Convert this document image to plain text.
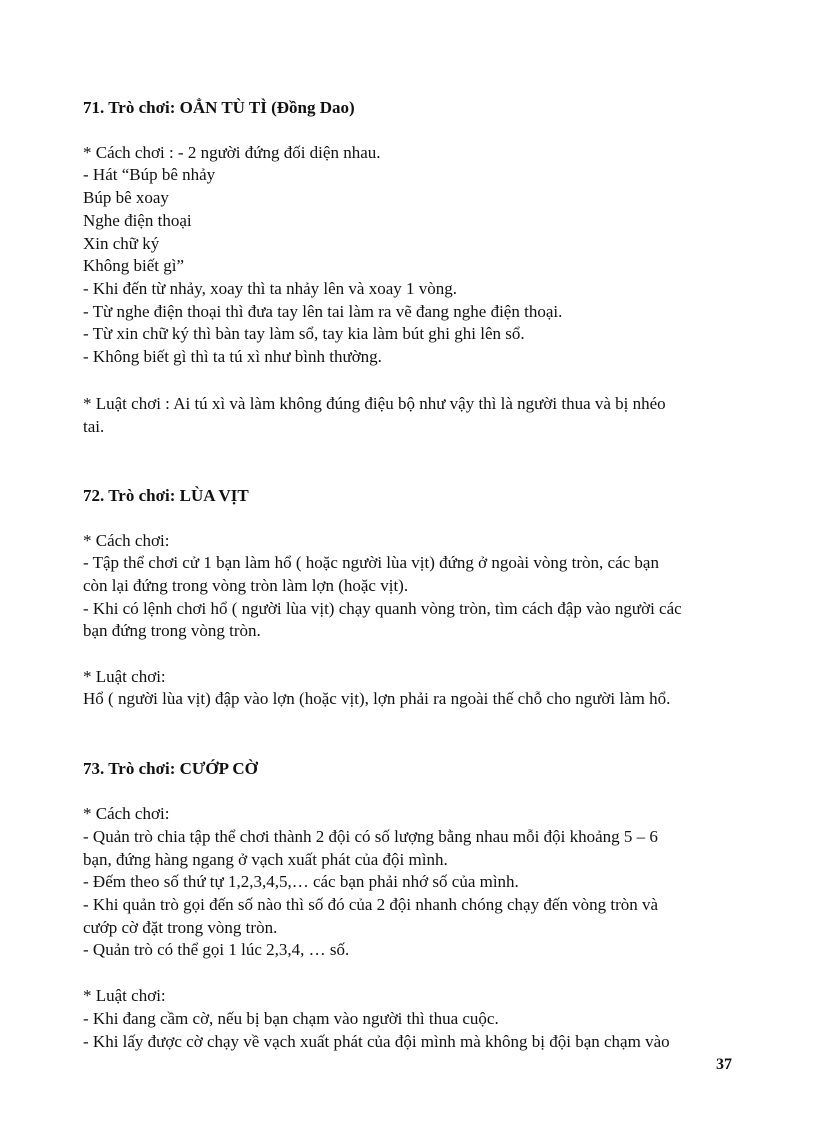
71. Trò chơi: OẲN TÙ TÌ (Đồng Dao)
* Cách chơi : - 2 người đứng đối diện nhau.
- Hát “Búp bê nhảy
Búp bê xoay
Nghe điện thoại
Xin chữ ký
Không biết gì”
- Khi đến từ nhảy, xoay thì ta nhảy lên và xoay 1 vòng.
- Từ nghe điện thoại thì đưa tay lên tai làm ra vẽ đang nghe điện thoại.
- Từ xin chữ ký thì bàn tay làm sổ, tay kia làm bút ghi ghi lên sổ.
- Không biết gì thì ta tú xì như bình thường.
* Luật chơi : Ai tú xì và làm không đúng điệu bộ như vậy thì là người thua và bị nhéo
tai.
72. Trò chơi: LÙA VỊT
* Cách chơi:
- Tập thể chơi cử 1 bạn làm hổ ( hoặc người lùa vịt) đứng ở ngoài vòng tròn, các bạn
còn lại đứng trong vòng tròn làm lợn (hoặc vịt).
- Khi có lệnh chơi hổ ( người lùa vịt) chạy quanh vòng tròn, tìm cách đập vào người các
bạn đứng trong vòng tròn.
* Luật chơi:
Hổ ( người lùa vịt) đập vào lợn (hoặc vịt), lợn phải ra ngoài thế chỗ cho người làm hổ.
73. Trò chơi: CƯỚP CỜ
* Cách chơi:
- Quản trò chia tập thể chơi thành 2 đội có số lượng bằng nhau mỗi đội khoảng 5 – 6
bạn, đứng hàng ngang ở vạch xuất phát của đội mình.
- Đếm theo số thứ tự 1,2,3,4,5,… các bạn phải nhớ số của mình.
- Khi quản trò gọi đến số nào thì số đó của 2 đội nhanh chóng chạy đến vòng tròn và
cướp cờ đặt trong vòng tròn.
- Quản trò có thể gọi 1 lúc 2,3,4, … số.
* Luật chơi:
- Khi đang cầm cờ, nếu bị bạn chạm vào người thì thua cuộc.
- Khi lấy được cờ chạy về vạch xuất phát của đội mình mà không bị đội bạn chạm vào
37
